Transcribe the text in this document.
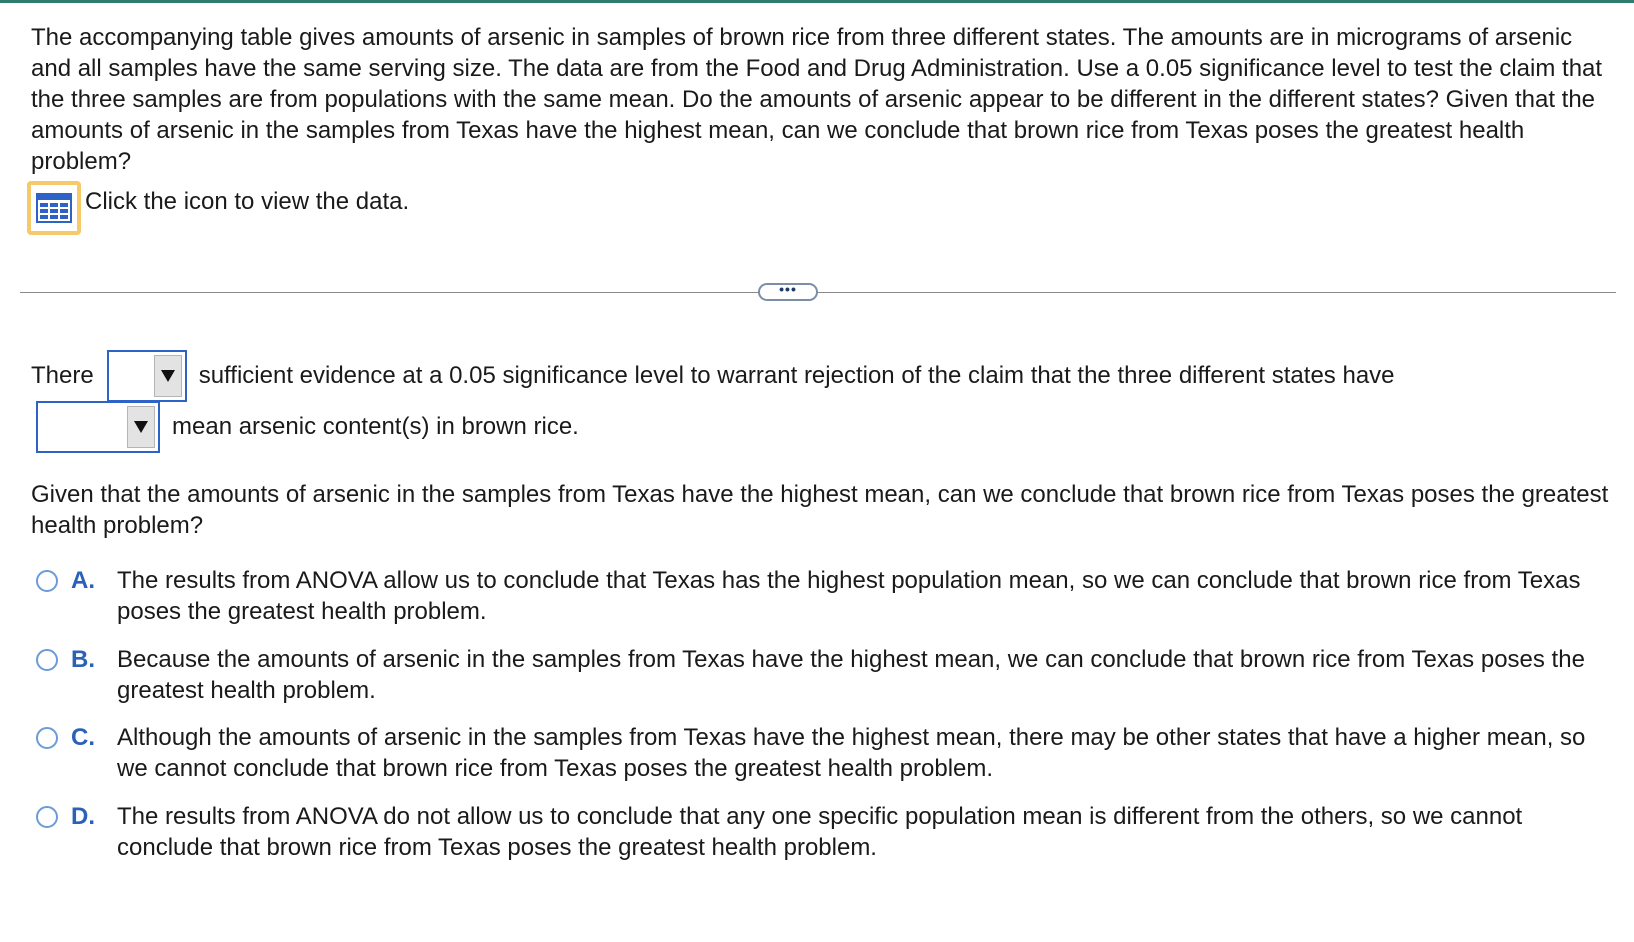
The accompanying table gives amounts of arsenic in samples of brown rice from three different states. The amounts are in micrograms of arsenic and all samples have the same serving size. The data are from the Food and Drug Administration. Use a 0.05 significance level to test the claim that the three samples are from populations with the same mean. Do the amounts of arsenic appear to be different in the different states? Given that the amounts of arsenic in the samples from Texas have the highest mean, can we conclude that brown rice from Texas poses the greatest health problem?

Click the icon to view the data.
•••
There	sufficient evidence at a 0.05 significance level to warrant rejection of the claim that the three different states have
mean arsenic content(s) in brown rice.

Given that the amounts of arsenic in the samples from Texas have the highest mean, can we conclude that brown rice from Texas poses the greatest health problem?

A. The results from ANOVA allow us to conclude that Texas has the highest population mean, so we can conclude that brown rice from Texas poses the greatest health problem.
B. Because the amounts of arsenic in the samples from Texas have the highest mean, we can conclude that brown rice from Texas poses the greatest health problem.
C. Although the amounts of arsenic in the samples from Texas have the highest mean, there may be other states that have a higher mean, so we cannot conclude that brown rice from Texas poses the greatest health problem.
D. The results from ANOVA do not allow us to conclude that any one specific population mean is different from the others, so we cannot conclude that brown rice from Texas poses the greatest health problem.
